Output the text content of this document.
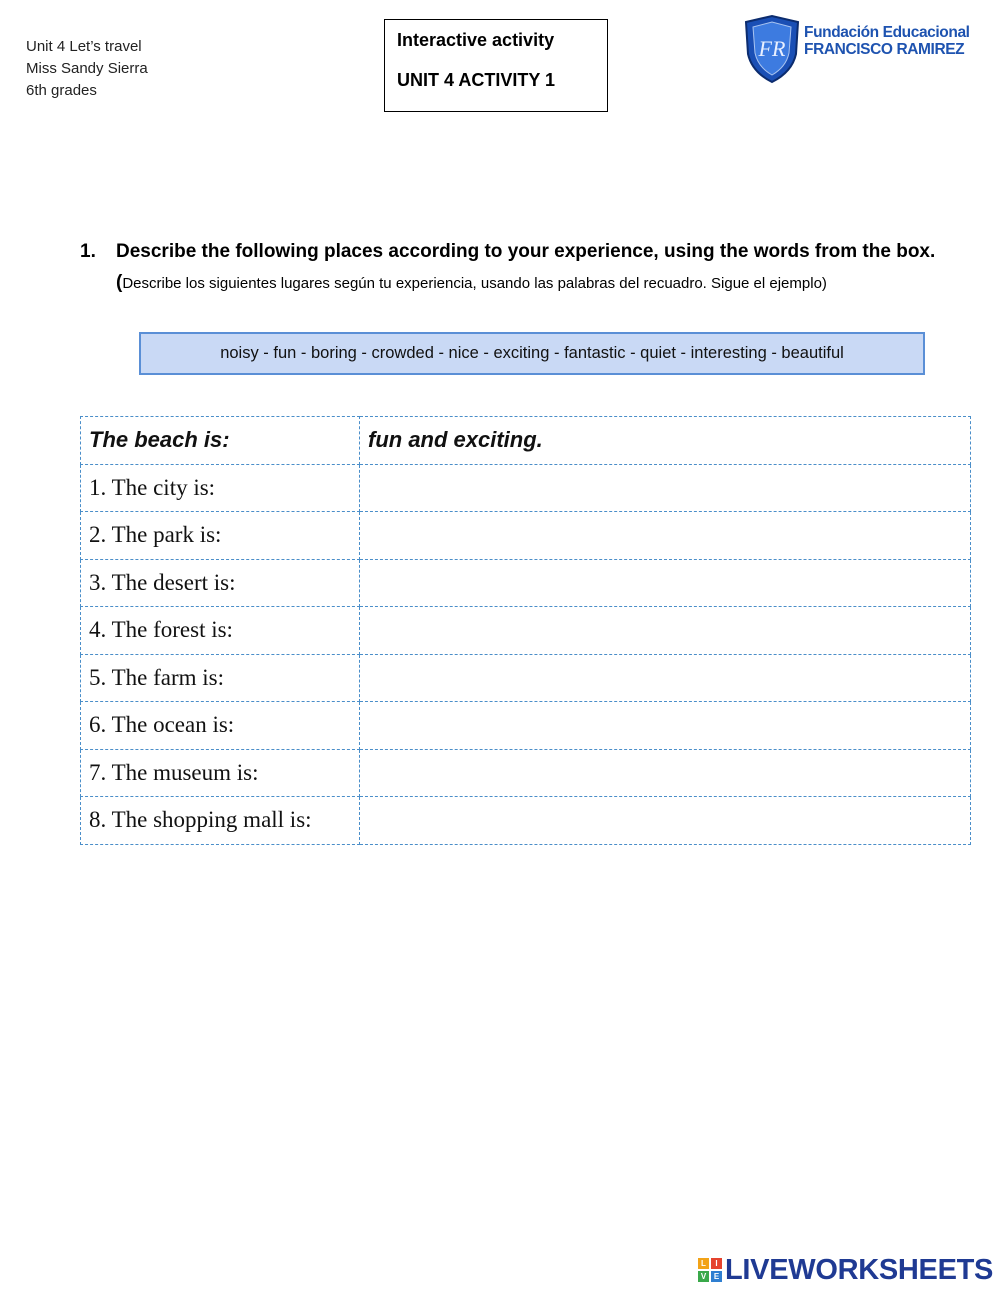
Unit 4 Let’s travel
Miss Sandy Sierra
6th grades
Interactive activity
UNIT 4 ACTIVITY 1
FR
Fundación Educacional
FRANCISCO RAMIREZ
1. Describe the following places according to your experience, using the words from the box. (Describe los siguientes lugares según tu experiencia, usando las palabras del recuadro. Sigue el ejemplo)
noisy - fun - boring - crowded - nice - exciting - fantastic - quiet - interesting - beautiful
The beach is:	fun and exciting.
1. The city is:	
2. The park is:	
3. The desert is:	
4. The forest is:	
5. The farm is:	
6. The ocean is:	
7. The museum is:	
8. The shopping mall is:	
L	I
V E LIVEWORKSHEETS
